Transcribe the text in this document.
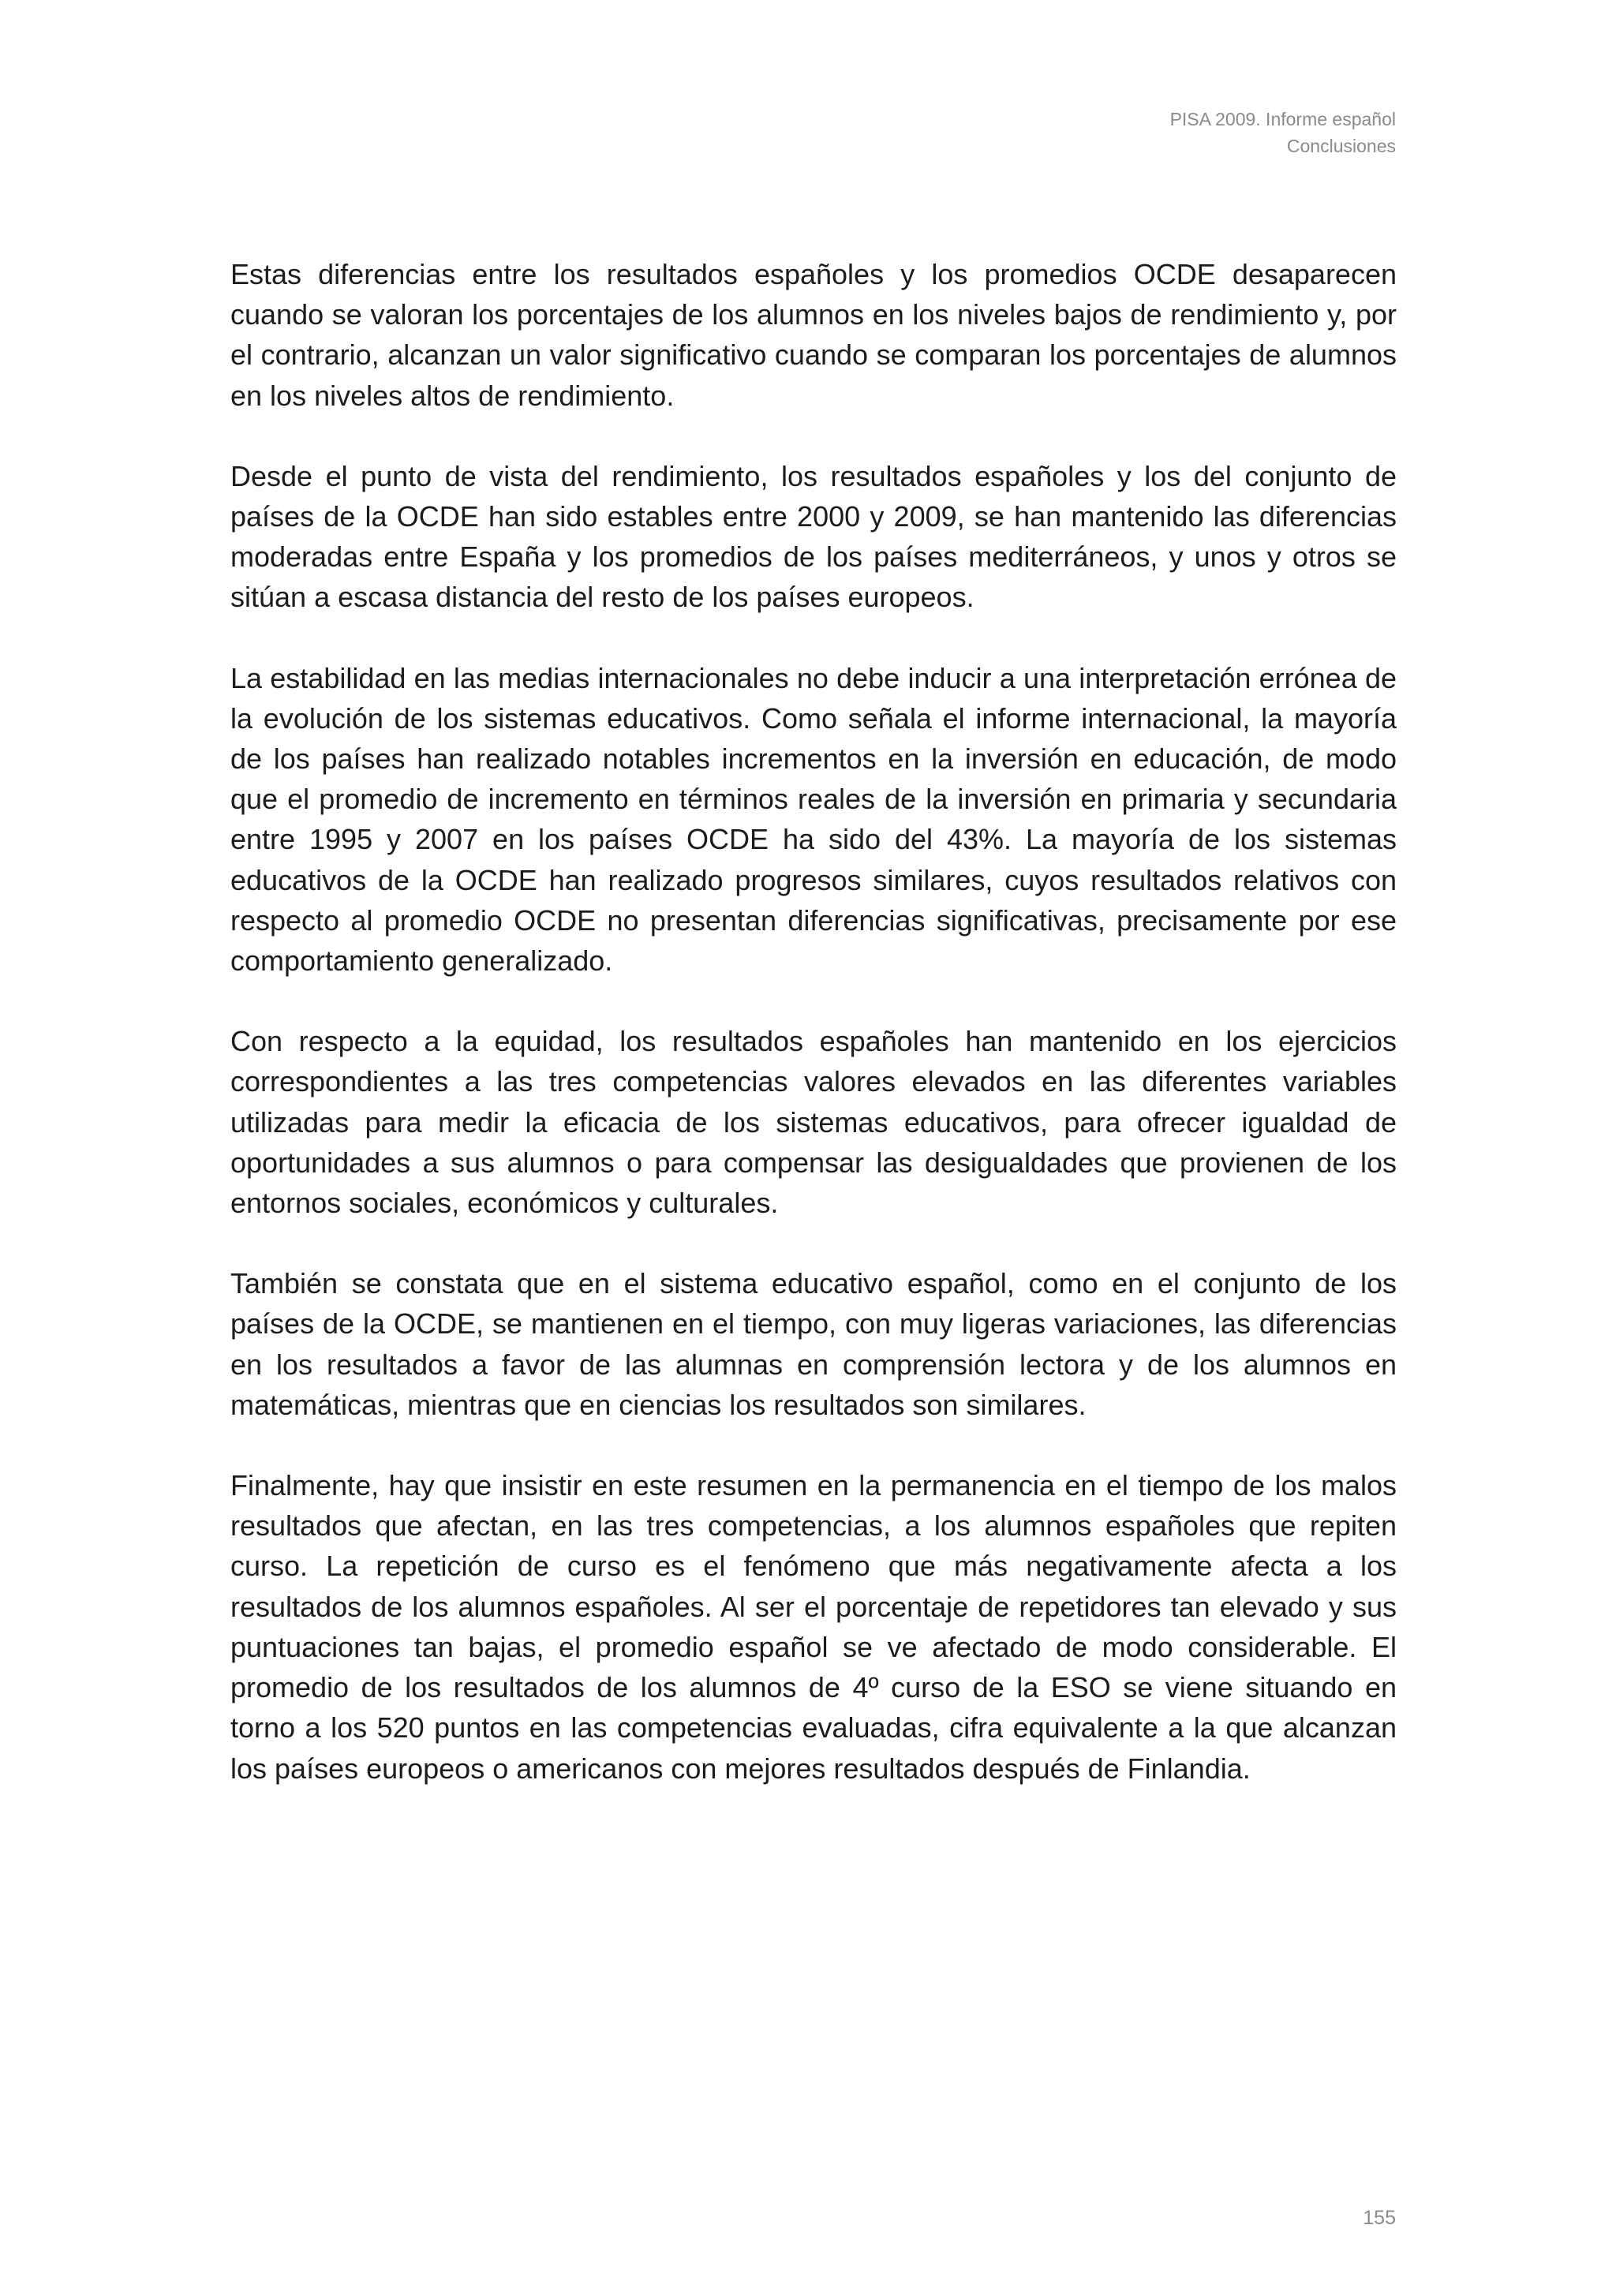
PISA 2009. Informe español
Conclusiones

Estas diferencias entre los resultados españoles y los promedios OCDE desaparecen cuando se valoran los porcentajes de los alumnos en los niveles bajos de rendimiento y, por el contrario, alcanzan un valor significativo cuando se comparan los porcentajes de alumnos en los niveles altos de rendimiento.

Desde el punto de vista del rendimiento, los resultados españoles y los del conjunto de países de la OCDE han sido estables entre 2000 y 2009, se han mantenido las diferencias moderadas entre España y los promedios de los países mediterráneos, y unos y otros se sitúan a escasa distancia del resto de los países europeos.

La estabilidad en las medias internacionales no debe inducir a una interpretación errónea de la evolución de los sistemas educativos. Como señala el informe internacional, la mayoría de los países han realizado notables incrementos en la inversión en educación, de modo que el promedio de incremento en términos reales de la inversión en primaria y secundaria entre 1995 y 2007 en los países OCDE ha sido del 43%. La mayoría de los sistemas educativos de la OCDE han realizado progresos similares, cuyos resultados relativos con respecto al promedio OCDE no presentan diferencias significativas, precisamente por ese comportamiento generalizado.

Con respecto a la equidad, los resultados españoles han mantenido en los ejercicios correspondientes a las tres competencias valores elevados en las diferentes variables utilizadas para medir la eficacia de los sistemas educativos, para ofrecer igualdad de oportunidades a sus alumnos o para compensar las desigualdades que provienen de los entornos sociales, económicos y culturales.

También se constata que en el sistema educativo español, como en el conjunto de los países de la OCDE, se mantienen en el tiempo, con muy ligeras variaciones, las diferencias en los resultados a favor de las alumnas en comprensión lectora y de los alumnos en matemáticas, mientras que en ciencias los resultados son similares.

Finalmente, hay que insistir en este resumen en la permanencia en el tiempo de los malos resultados que afectan, en las tres competencias, a los alumnos españoles que repiten curso. La repetición de curso es el fenómeno que más negativamente afecta a los resultados de los alumnos españoles. Al ser el porcentaje de repetidores tan elevado y sus puntuaciones tan bajas, el promedio español se ve afectado de modo considerable. El promedio de los resultados de los alumnos de 4º curso de la ESO se viene situando en torno a los 520 puntos en las competencias evaluadas, cifra equivalente a la que alcanzan los países europeos o americanos con mejores resultados después de Finlandia.

155
